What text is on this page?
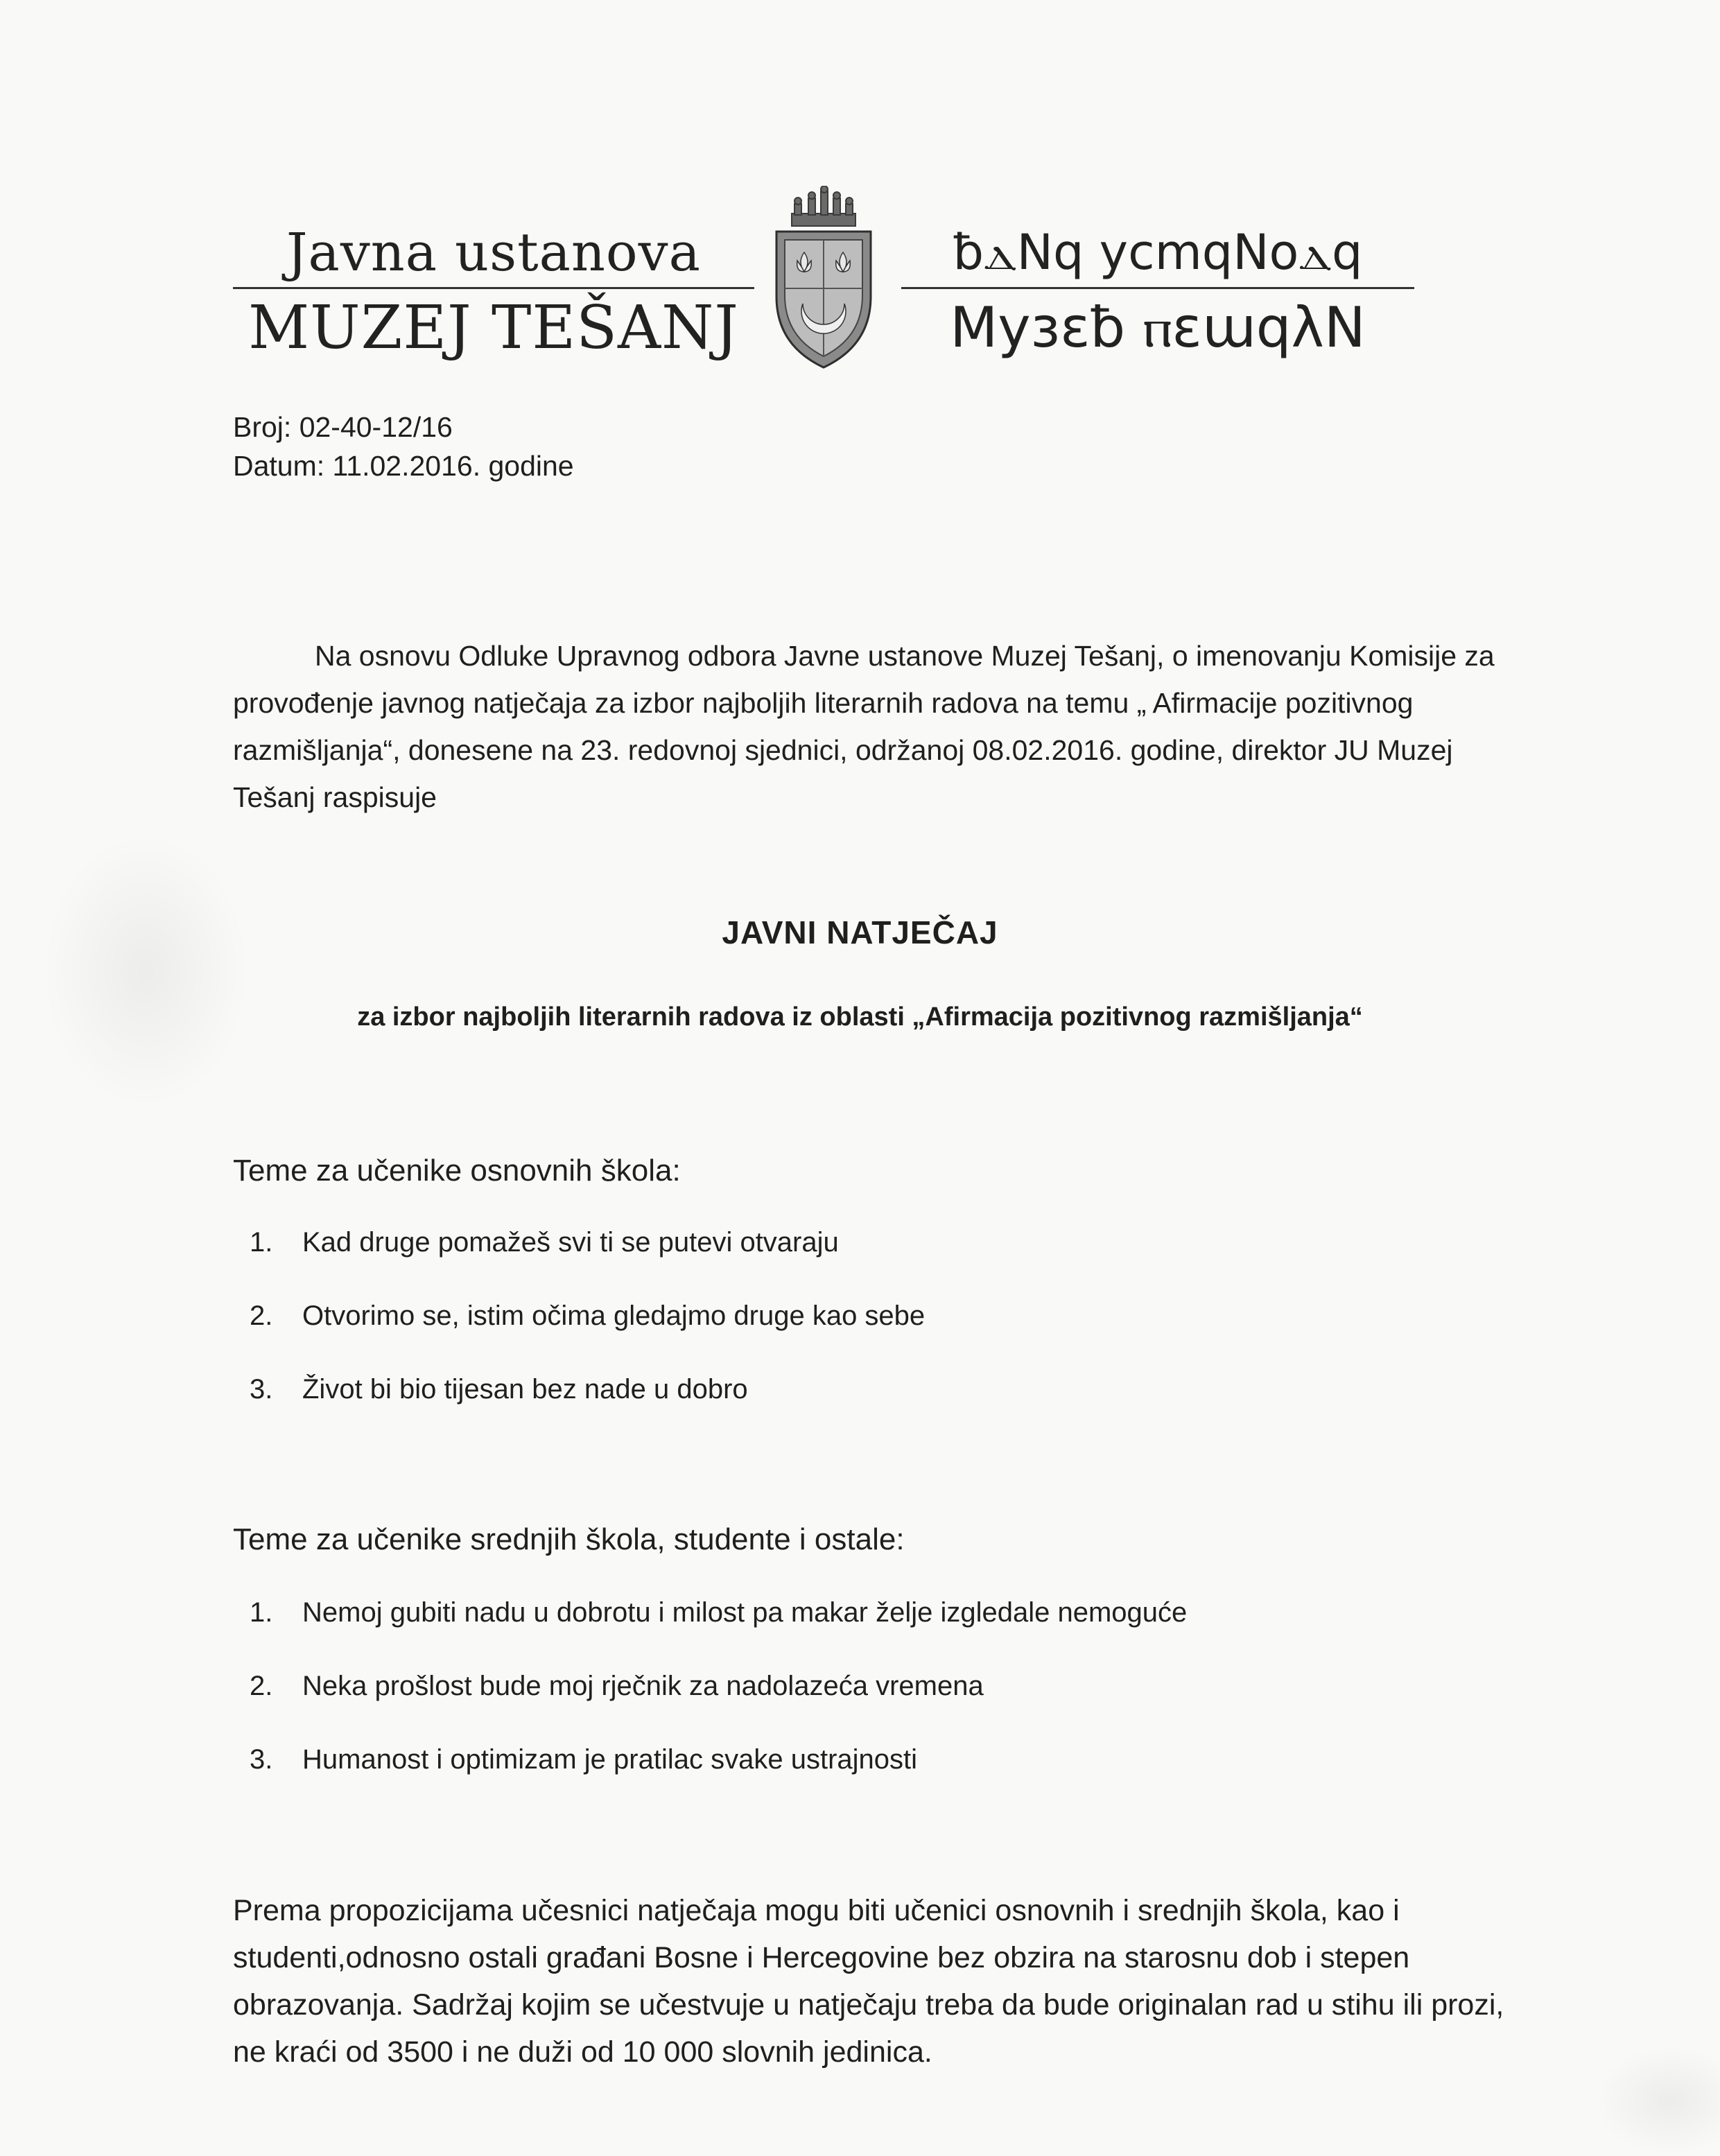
Javna ustanova
MUZEJ TEŠANJ
ƀⲇNq ycmqNoⲇq
Myзɛƀ ⲡɛɯqλN
Broj: 02-40-12/16
Datum: 11.02.2016. godine

Na osnovu Odluke Upravnog odbora Javne ustanove Muzej Tešanj, o imenovanju Komisije za provođenje javnog natječaja za izbor najboljih literarnih radova na temu „ Afirmacije pozitivnog razmišljanja“, donesene na 23. redovnoj sjednici, održanoj 08.02.2016. godine, direktor JU Muzej Tešanj raspisuje

JAVNI NATJEČAJ
za izbor najboljih literarnih radova iz oblasti „Afirmacija pozitivnog razmišljanja“
Teme za učenike osnovnih škola:
1.	Kad druge pomažeš svi ti se putevi otvaraju
2.	Otvorimo se, istim očima gledajmo druge kao sebe
3.	Život bi bio tijesan bez nade u dobro
Teme za učenike srednjih škola, studente i ostale:
1.	Nemoj gubiti nadu u dobrotu i milost pa makar želje izgledale nemoguće
2.	Neka prošlost bude moj rječnik za nadolazeća vremena
3.	Humanost i optimizam je pratilac svake ustrajnosti

Prema propozicijama učesnici natječaja mogu biti učenici osnovnih i srednjih škola, kao i studenti,odnosno ostali građani Bosne i Hercegovine bez obzira na starosnu dob i stepen obrazovanja. Sadržaj kojim se učestvuje u natječaju treba da bude originalan rad u stihu ili prozi, ne kraći od 3500 i ne duži od 10 000 slovnih jedinica.
